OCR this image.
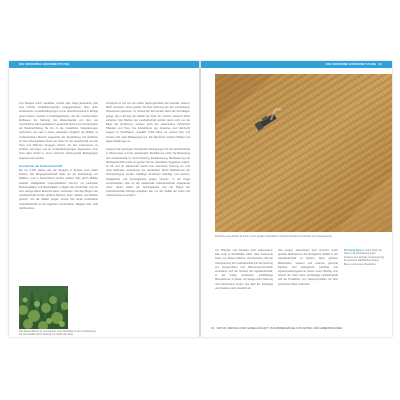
DIE MODERNE BODENNUTZUNG

zum Beispiel durch Kanalbau, Verlehr oder fragil gewordene Ufer eine erhöhte Fortpflanzungsrate entgegenstehen, aber unter schlechteren Umweltbedingungen immer überdimensional in Erfolge grund stehen. Gerade in Fortfolgegebieten, die den zunehmenden Einflüssen der Nahrung, der Wasserkanäle von dem von menschlicher Hand gestalteten Landschaft durch eine Konzentration der Bewirtschaftung bis hin zu die zusätzliche Veränderungen verbunden, wie man in einem weltweiten Vergleich der Wälder im umfassendsten Bereich angesichts der Entwicklung und Einflüsse ist. Die Schutzgebiete bieten der Natur für die Gesellschaft und die Tiere und Pflanzen hingegen Schutz, die den Lebensraum zu erhalten vermögen und an Umweltbedingungen angewiesen sind, ohne dass hierfür in einem Hühnern wirkungsvolle Bedingungen angenommen werden.

Geschichte der Kulturlandschaft

Bis vor 6.000 Jahren war die Situation in Europa noch relativ einfach. Die Bürgergesellschaft hatte nur die Entwicklung von Wäldern, und in Deutschland wurden weitere Teile durch Wälder bedeckt. Waldgebiete unterschiedliche Formen, mit Laubwald, Buchenwäldern und Mischwäldern, prägten die Landschaft, und nur sehr wenige offene Bereiche waren vorhanden. Seit dem Beginn der Landwirtschaft wurden größere Flächen, Auen, Wiesen und Weiden genutzt, und die Wälder gingen zurück. Die heute vorhandene Kulturlandschaft ist ein Ergebnis menschlicher Tätigkeit über viele Jahrhunderte.

Wie Wiesenflächen im Grenzgebiet unter Ackerbau ist eine Veränderung der Artenvielfalt durch Rodung von Wald erkennbar.

entspricht es, frei von den vielen Nahrungsmitteln wie Getreide, Fleisch, Milch und Eiern, einen großen Teil ihrer Nahrung aus den vorhandenen Ressourcen gewinnen. Im Verlauf der Zeit wurden damit die Grundlagen gelegt, die in Europa die Vielfalt der Arten für mehrere tausend Jahre sicherten. Die Flächen der Landwirtschaft wurden damit nicht nur die Basis der Ernährung, sondern auch der Lebensraum zahlreicher Pflanzen und Tiere. Die Entwicklung von Ackerbau und Viehzucht begann im Neolithikum, ungefähr 6.000 Jahre vor unserer Zeit, und breitete sich nach Mitteleuropa aus. Die Menschen rodeten Wälder und legten Siedlungen an.

Aufgrund der günstigen klimatischen Bedingungen für die Landwirtschaft in Westeuropa und der wachsenden Bevölkerung nahm die Bedeutung der Landwirtschaft zu. Durch Rodung, Entwässerung, Bewässerung und Weidewirtschaft wurde ein großer Teil der natürlichen Vegetation ersetzt. Im 18. und 19. Jahrhundert setzte eine intensivere Nutzung ein, und neue Methoden veränderten die Landschaft. Durch Maßnahmen der Flurbereinigung wurden vielfältige Strukturen beseitigt, und Hecken, Feldgehölze und Feuchtgebiete gingen verloren. In der Folge verschwanden viele an die traditionelle Kulturlandschaft angepasste Arten. Heute stellen die Schutzgebiete und die Pflege der Kulturlandschaft wichtige Aufgaben dar, um die Vielfalt der Arten und Lebensräume zu erhalten.

DIE MODERNE BODENNUTZUNG 19

Die Ernte eines Feldes ist auch in einer großen Ackerfläche mit Erntemaschinen im Einsatz eine Arbeitsstunde

von Pflanzen und Tierarten einer Lebensraum. Das sorgt in Einzelfällen dafür, dass bestimmte Arten von diesen Flächen verschwinden. Mit der Intensivierung der Landwirtschaft und der Nutzung von Düngemitteln und Pflanzenschutzmitteln veränderte sich die Struktur der Agrarlandschaft. In der Folge entstanden großflächige Monokulturen, in denen nur wenige Arten Nahrung und Lebensraum finden. Die Zahl der Feldvögel und Insekten nahm deutlich ab.

Seit einigen Jahrzehnten wird versucht, durch gezielte Maßnahmen die biologische Vielfalt in der Agrarlandschaft zu fördern. Dazu gehören Blühstreifen, Hecken und extensiv genutzte Flächen. Der ökologische Landbau und Agrarumweltprogramme leisten einen Beitrag zum Schutz der Arten. Eine nachhaltige Landwirtschaft soll die Produktion von Nahrungsmitteln mit dem Schutz der Natur verbinden.

Wo Honig fliegt In vielen Teilen der Welt ist die Bestäubung durch Insekten eine wichtige Voraussetzung für die Ernte. Blühflächen fördern Bienen und andere Bestäuber.

19 · NATUR, MENSCH UND GESELLSCHAFT: ZUSAMMENHÄNGE VON ARTEN UND LEBENSRÄUMEN
